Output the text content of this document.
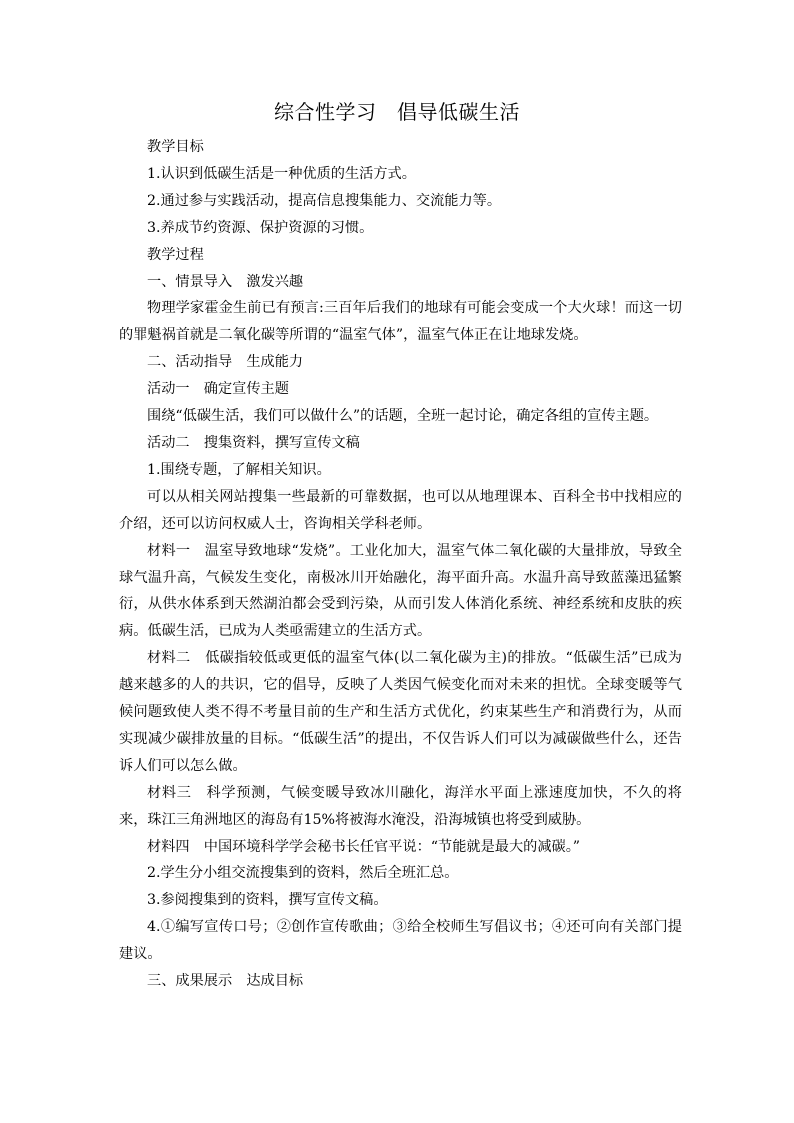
综合性学习　倡导低碳生活

教学目标

1.认识到低碳生活是一种优质的生活方式。

2.通过参与实践活动，提高信息搜集能力、交流能力等。

3.养成节约资源、保护资源的习惯。

教学过程

一、情景导入　激发兴趣

物理学家霍金生前已有预言:三百年后我们的地球有可能会变成一个大火球！而这一切的罪魁祸首就是二氧化碳等所谓的“温室气体”，温室气体正在让地球发烧。

二、活动指导　生成能力

活动一　确定宣传主题

围绕“低碳生活，我们可以做什么”的话题，全班一起讨论，确定各组的宣传主题。

活动二　搜集资料，撰写宣传文稿

1.围绕专题，了解相关知识。

可以从相关网站搜集一些最新的可靠数据，也可以从地理课本、百科全书中找相应的介绍，还可以访问权威人士，咨询相关学科老师。

材料一　温室导致地球“发烧”。工业化加大，温室气体二氧化碳的大量排放，导致全球气温升高，气候发生变化，南极冰川开始融化，海平面升高。水温升高导致蓝藻迅猛繁衍，从供水体系到天然湖泊都会受到污染，从而引发人体消化系统、神经系统和皮肤的疾病。低碳生活，已成为人类亟需建立的生活方式。

材料二　低碳指较低或更低的温室气体(以二氧化碳为主)的排放。“低碳生活”已成为越来越多的人的共识，它的倡导，反映了人类因气候变化而对未来的担忧。全球变暖等气候问题致使人类不得不考量目前的生产和生活方式优化，约束某些生产和消费行为，从而实现减少碳排放量的目标。“低碳生活”的提出，不仅告诉人们可以为减碳做些什么，还告诉人们可以怎么做。

材料三　科学预测，气候变暖导致冰川融化，海洋水平面上涨速度加快，不久的将来，珠江三角洲地区的海岛有15%将被海水淹没，沿海城镇也将受到威胁。

材料四　中国环境科学学会秘书长任官平说：“节能就是最大的减碳。”

2.学生分小组交流搜集到的资料，然后全班汇总。

3.参阅搜集到的资料，撰写宣传文稿。

4.①编写宣传口号；②创作宣传歌曲；③给全校师生写倡议书；④还可向有关部门提建议。

三、成果展示　达成目标
